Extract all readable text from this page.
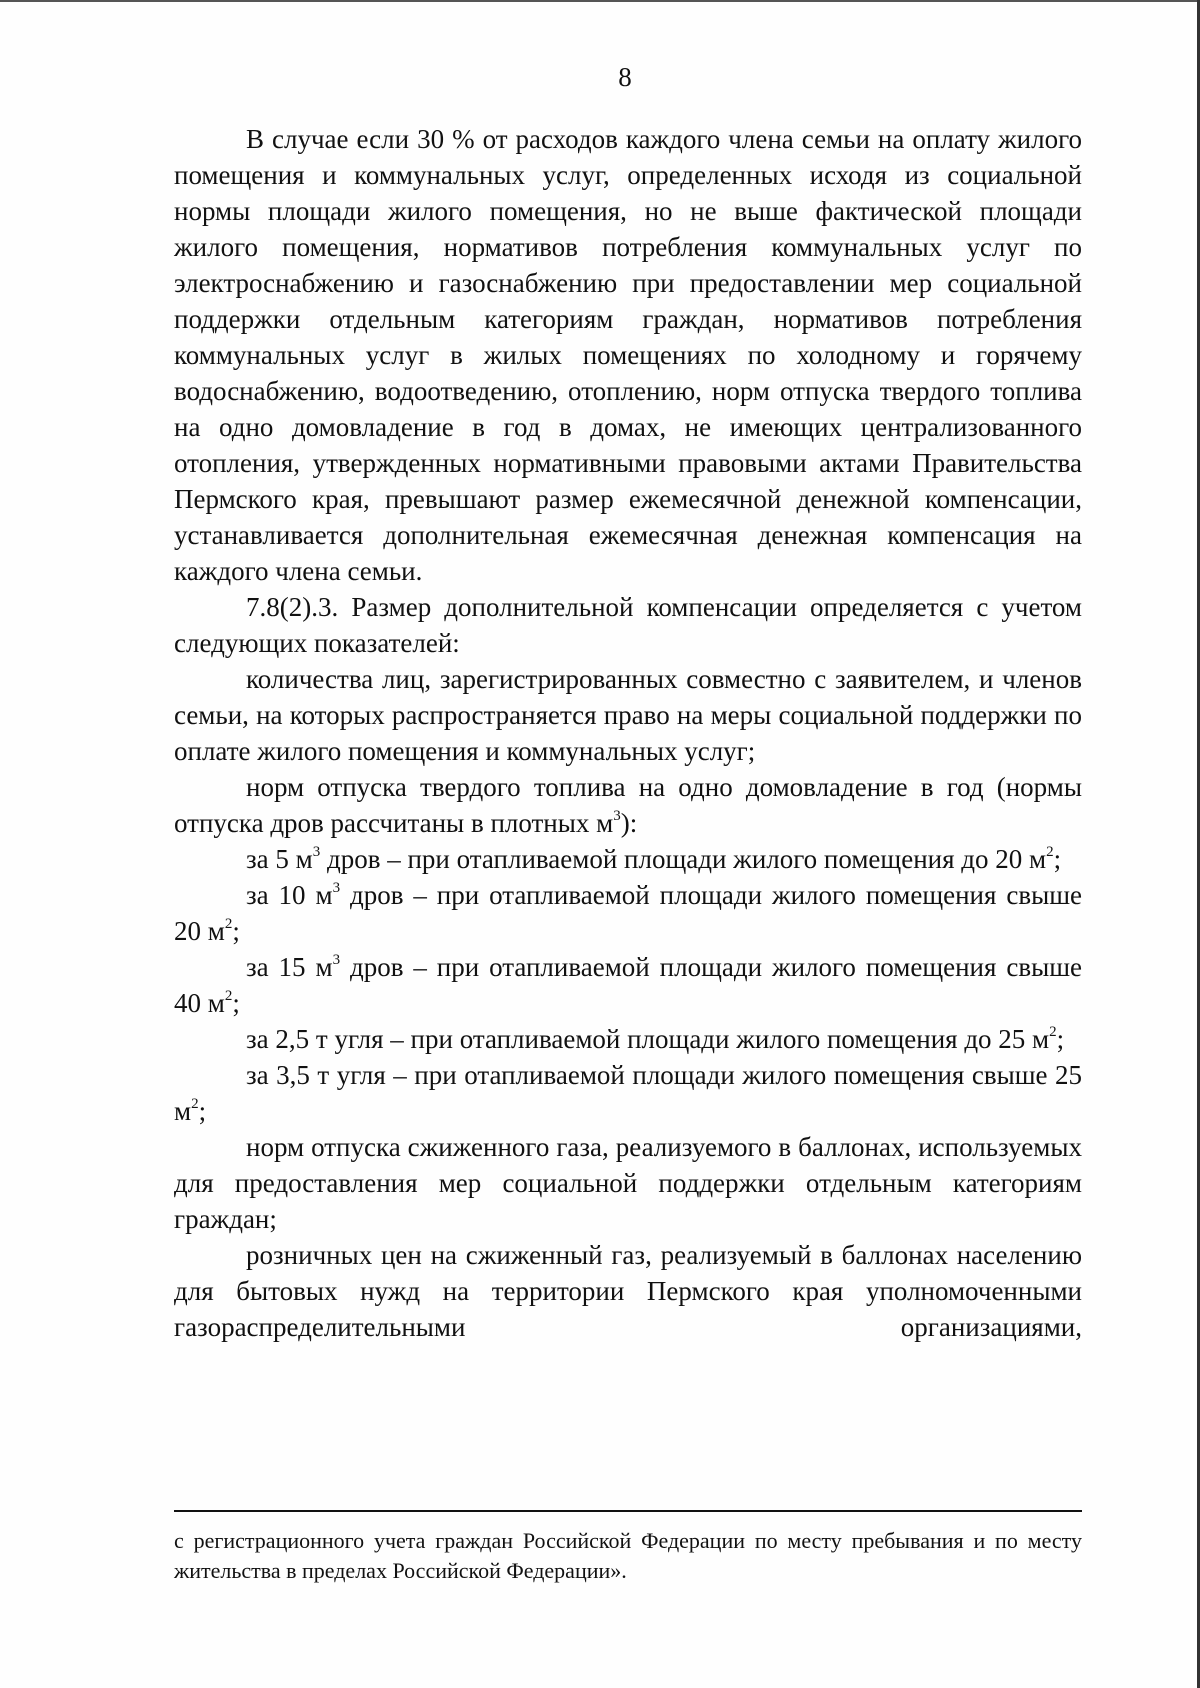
8

В случае если 30 % от расходов каждого члена семьи на оплату жилого помещения и коммунальных услуг, определенных исходя из социальной нормы площади жилого помещения, но не выше фактической площади жилого помещения, нормативов потребления коммунальных услуг по электроснабжению и газоснабжению при предоставлении мер социальной поддержки отдельным категориям граждан, нормативов потребления коммунальных услуг в жилых помещениях по холодному и горячему водоснабжению, водоотведению, отоплению, норм отпуска твердого топлива на одно домовладение в год в домах, не имеющих централизованного отопления, утвержденных нормативными правовыми актами Правительства Пермского края, превышают размер ежемесячной денежной компенсации, устанавливается дополнительная ежемесячная денежная компенсация на каждого члена семьи.

7.8(2).3. Размер дополнительной компенсации определяется с учетом следующих показателей:

количества лиц, зарегистрированных совместно с заявителем, и членов семьи, на которых распространяется право на меры социальной поддержки по оплате жилого помещения и коммунальных услуг;

норм отпуска твердого топлива на одно домовладение в год (нормы отпуска дров рассчитаны в плотных $м^3$):

за 5 $м^3$ дров – при отапливаемой площади жилого помещения до 20 $м^2$;

за 10 $м^3$ дров – при отапливаемой площади жилого помещения свыше 20 $м^2$;

за 15 $м^3$ дров – при отапливаемой площади жилого помещения свыше 40 $м^2$;

за 2,5 т угля – при отапливаемой площади жилого помещения до 25 $м^2$;

за 3,5 т угля – при отапливаемой площади жилого помещения свыше 25 $м^2$;

норм отпуска сжиженного газа, реализуемого в баллонах, используемых для предоставления мер социальной поддержки отдельным категориям граждан;

розничных цен на сжиженный газ, реализуемый в баллонах населению для бытовых нужд на территории Пермского края уполномоченными газораспределительными организациями,

с регистрационного учета граждан Российской Федерации по месту пребывания и по месту жительства в пределах Российской Федерации».
